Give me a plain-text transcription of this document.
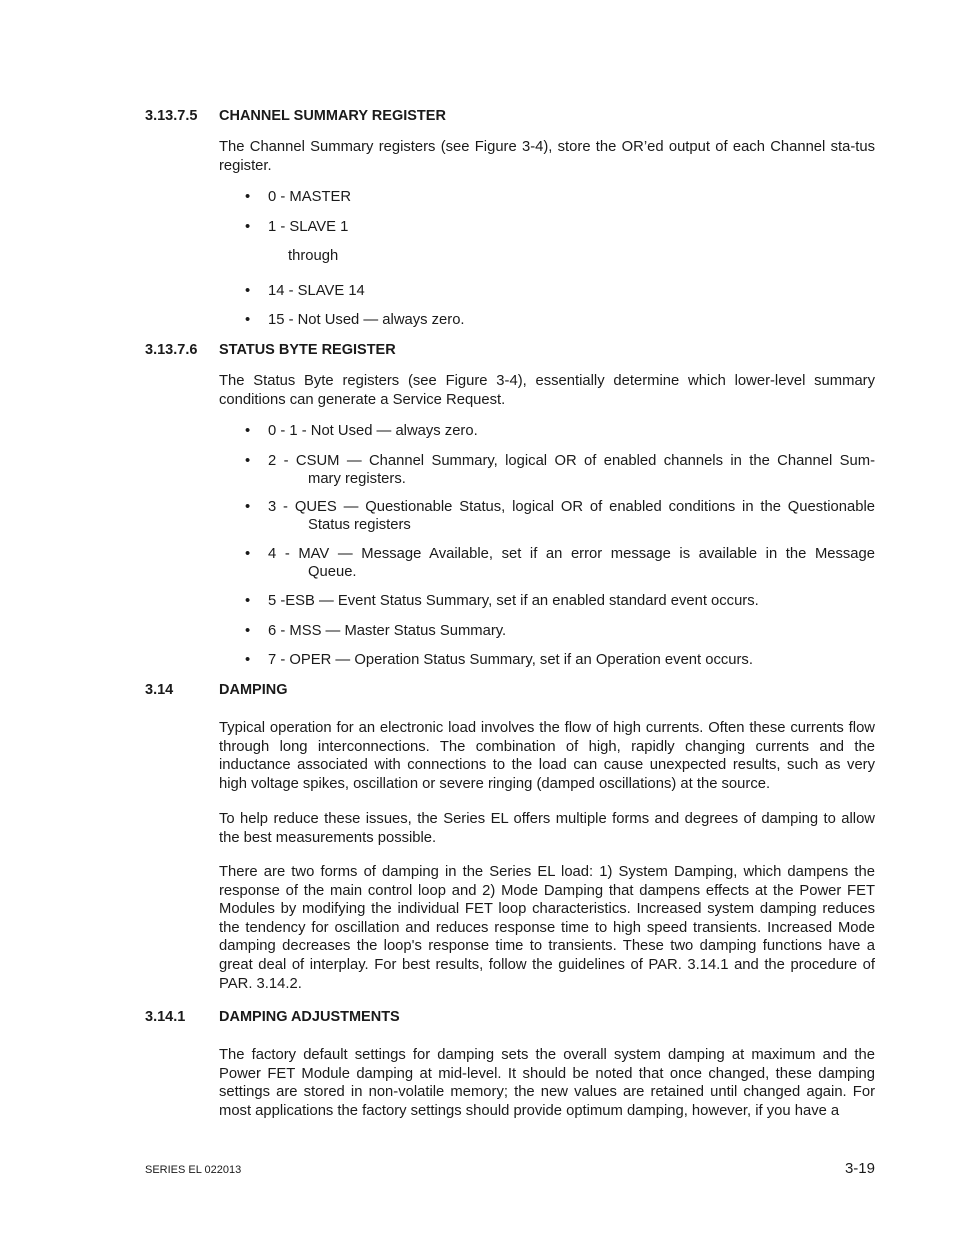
3.13.7.5 CHANNEL SUMMARY REGISTER
The Channel Summary registers (see Figure 3-4), store the OR’ed output of each Channel sta-tus register.
• 0 - MASTER
• 1 - SLAVE 1
through
• 14 - SLAVE 14
• 15 - Not Used — always zero.
3.13.7.6 STATUS BYTE REGISTER
The Status Byte registers (see Figure 3-4), essentially determine which lower-level summary conditions can generate a Service Request.
• 0 - 1 - Not Used — always zero.
• 2 - CSUM — Channel Summary, logical OR of enabled channels in the Channel Sum-
mary registers.
• 3 - QUES — Questionable Status, logical OR of enabled conditions in the Questionable
Status registers
• 4 - MAV — Message Available, set if an error message is available in the Message
Queue.
• 5 -ESB — Event Status Summary, set if an enabled standard event occurs.
• 6 - MSS — Master Status Summary.
• 7 - OPER — Operation Status Summary, set if an Operation event occurs.
3.14	DAMPING
Typical operation for an electronic load involves the flow of high currents. Often these currents flow through long interconnections. The combination of high, rapidly changing currents and the inductance associated with connections to the load can cause unexpected results, such as very high voltage spikes, oscillation or severe ringing (damped oscillations) at the source.
To help reduce these issues, the Series EL offers multiple forms and degrees of damping to allow the best measurements possible.
There are two forms of damping in the Series EL load: 1) System Damping, which dampens the response of the main control loop and 2) Mode Damping that dampens effects at the Power FET Modules by modifying the individual FET loop characteristics. Increased system damping reduces the tendency for oscillation and reduces response time to high speed transients. Increased Mode damping decreases the loop's response time to transients. These two damping functions have a great deal of interplay. For best results, follow the guidelines of PAR. 3.14.1 and the procedure of PAR. 3.14.2.
3.14.1 DAMPING ADJUSTMENTS
The factory default settings for damping sets the overall system damping at maximum and the Power FET Module damping at mid-level. It should be noted that once changed, these damping settings are stored in non-volatile memory; the new values are retained until changed again. For most applications the factory settings should provide optimum damping, however, if you have a
SERIES EL 022013	3-19
